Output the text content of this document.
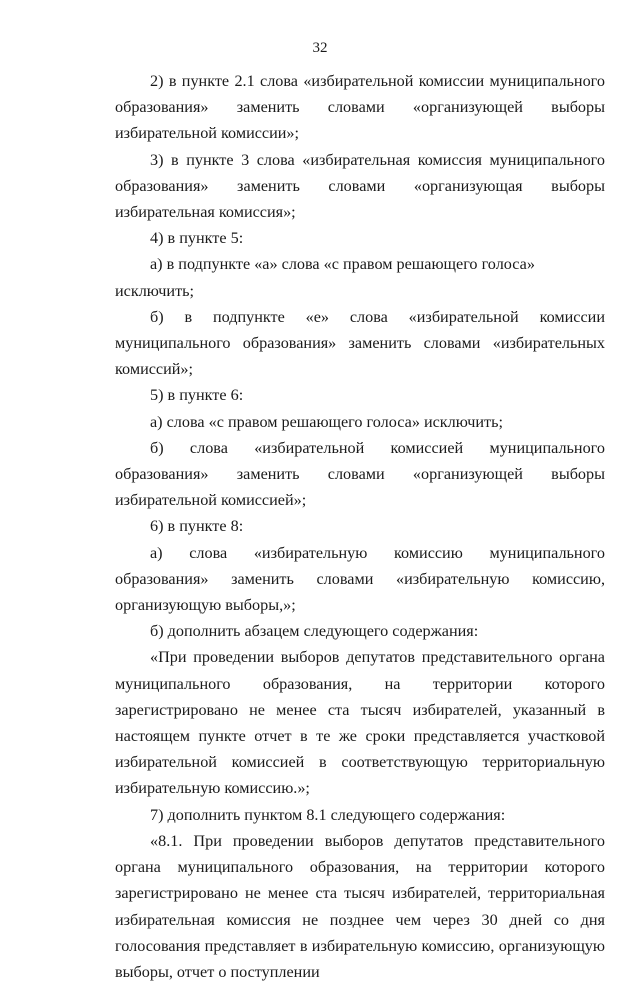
32

2) в пункте 2.1 слова «избирательной комиссии муниципального образования» заменить словами «организующей выборы избирательной комиссии»;

3) в пункте 3 слова «избирательная комиссия муниципального образования» заменить словами «организующая выборы избирательная комиссия»;

4) в пункте 5:

а) в подпункте «а» слова «с правом решающего голоса» исключить;

б) в подпункте «е» слова «избирательной комиссии муниципального образования» заменить словами «избирательных комиссий»;

5) в пункте 6:

а) слова «с правом решающего голоса» исключить;

б) слова «избирательной комиссией муниципального образования» заменить словами «организующей выборы избирательной комиссией»;

6) в пункте 8:

а) слова «избирательную комиссию муниципального образования» заменить словами «избирательную комиссию, организующую выборы,»;

б) дополнить абзацем следующего содержания:

«При проведении выборов депутатов представительного органа муниципального образования, на территории которого зарегистрировано не менее ста тысяч избирателей, указанный в настоящем пункте отчет в те же сроки представляется участковой избирательной комиссией в соответствующую территориальную избирательную комиссию.»;

7) дополнить пунктом 8.1 следующего содержания:

«8.1. При проведении выборов депутатов представительного органа муниципального образования, на территории которого зарегистрировано не менее ста тысяч избирателей, территориальная избирательная комиссия не позднее чем через 30 дней со дня голосования представляет в избирательную комиссию, организующую выборы, отчет о поступлении
